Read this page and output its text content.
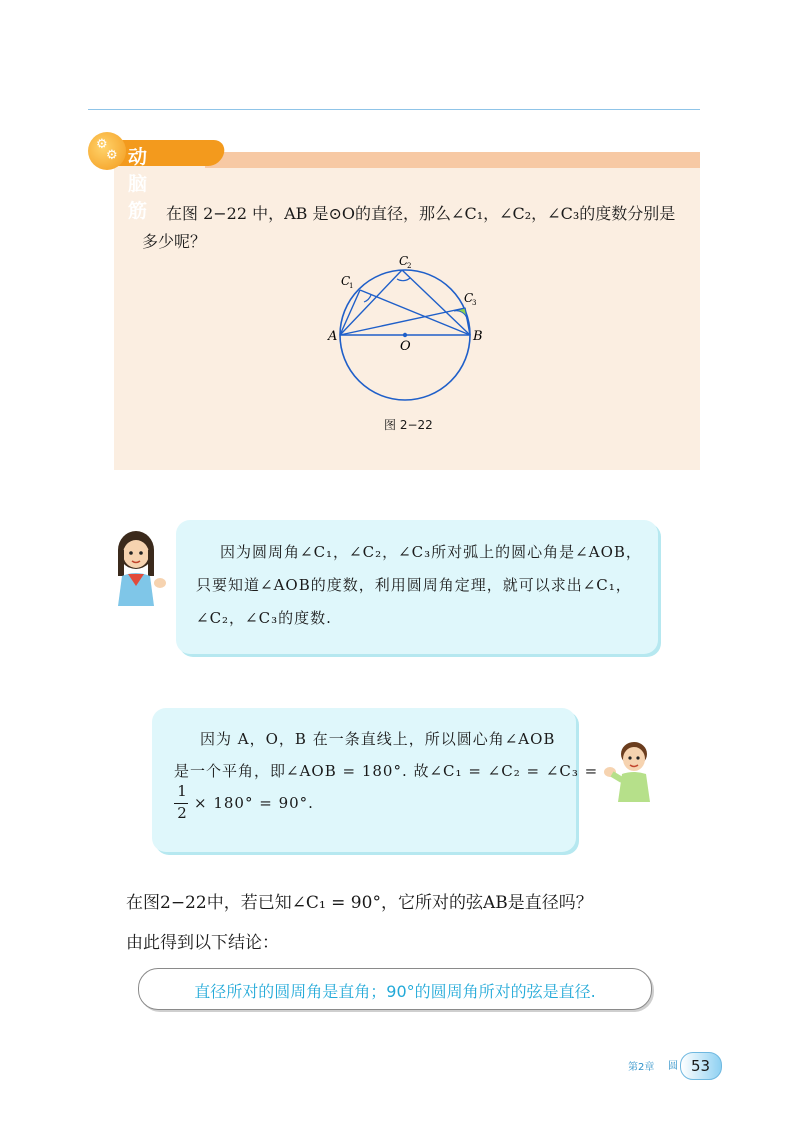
⚙
⚙ 动脑筋 在图 2−22 中，AB 是⊙O的直径，那么∠C₁，∠C₂，∠C₃的度数分别是
多少呢？
A	B
O
C
1
C
2
C
3
图 2−22
因为圆周角∠C₁，∠C₂，∠C₃所对弧上的圆心角是∠AOB，
只要知道∠AOB的度数，利用圆周角定理，就可以求出∠C₁，
∠C₂，∠C₃的度数.
因为 A，O，B 在一条直线上，所以圆心角∠AOB
是一个平角，即∠AOB = 180°. 故∠C₁ = ∠C₂ = ∠C₃ =
1
2
× 180° = 90°.
在图2−22中，若已知∠C₁ = 90°，它所对的弦AB是直径吗？
由此得到以下结论：
直径所对的圆周角是直角；90°的圆周角所对的弦是直径.
第2章 圆 53
